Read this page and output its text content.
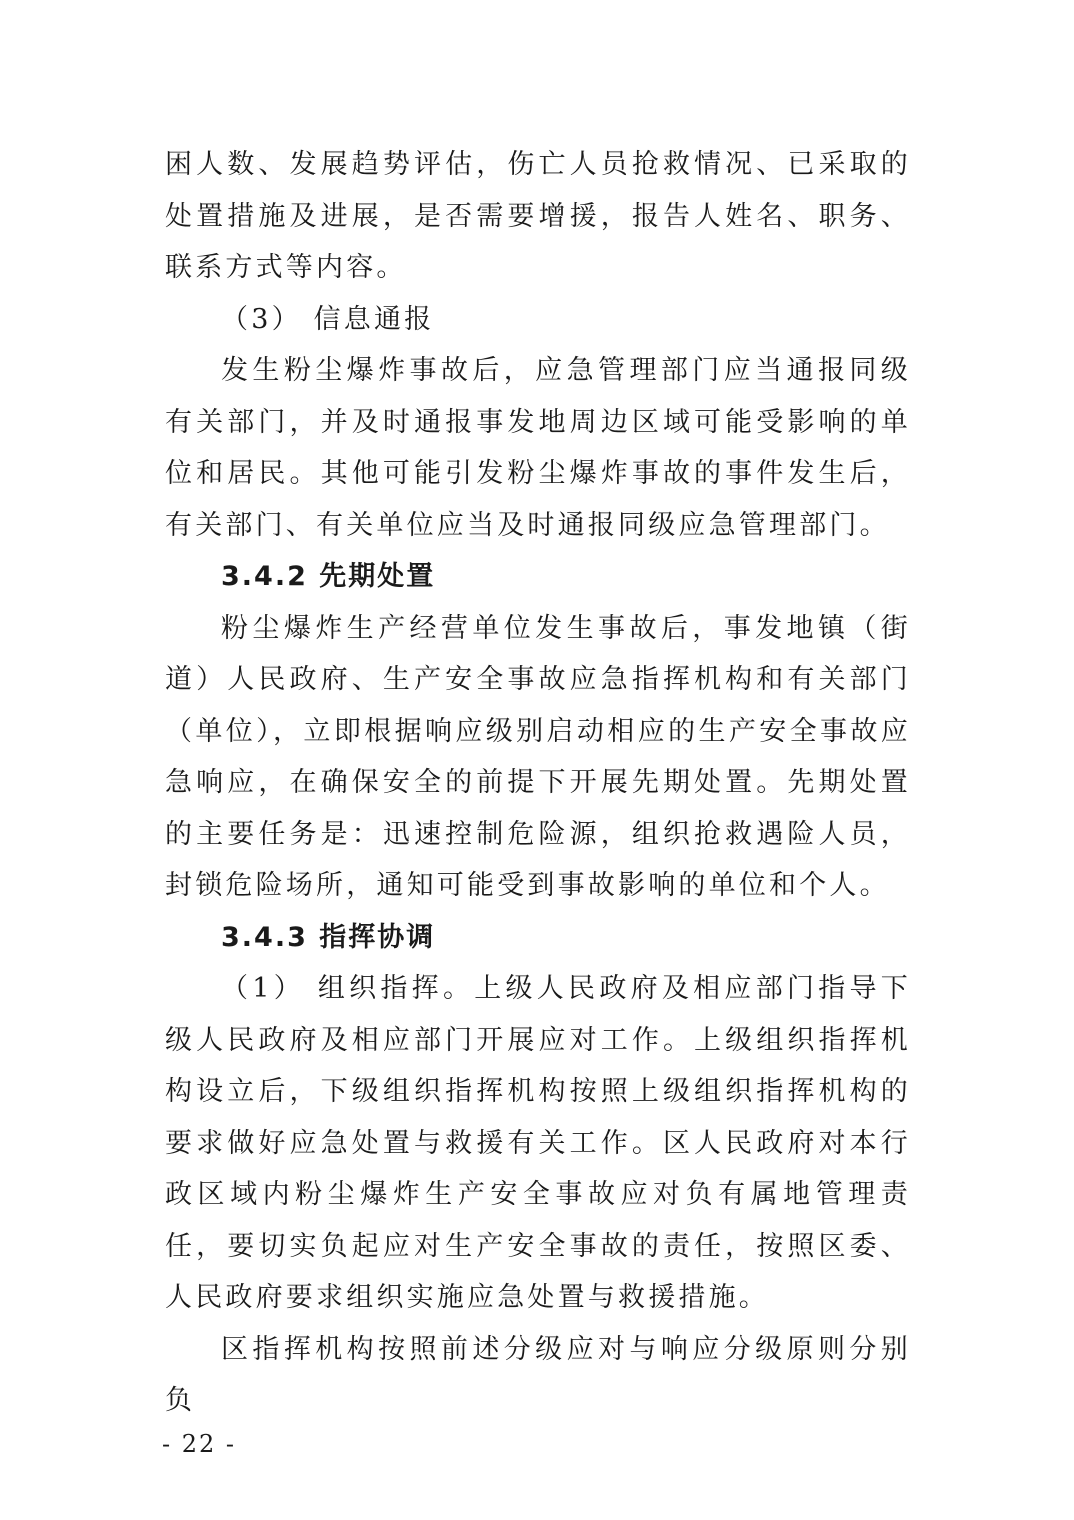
困人数、发展趋势评估，伤亡人员抢救情况、已采取的处置措施及进展，是否需要增援，报告人姓名、职务、联系方式等内容。

（3） 信息通报

发生粉尘爆炸事故后，应急管理部门应当通报同级有关部门，并及时通报事发地周边区域可能受影响的单位和居民。其他可能引发粉尘爆炸事故的事件发生后，有关部门、有关单位应当及时通报同级应急管理部门。

3.4.2 先期处置

粉尘爆炸生产经营单位发生事故后，事发地镇（街道）人民政府、生产安全事故应急指挥机构和有关部门（单位），立即根据响应级别启动相应的生产安全事故应急响应，在确保安全的前提下开展先期处置。先期处置的主要任务是：迅速控制危险源，组织抢救遇险人员，封锁危险场所，通知可能受到事故影响的单位和个人。

3.4.3 指挥协调

（1） 组织指挥。上级人民政府及相应部门指导下级人民政府及相应部门开展应对工作。上级组织指挥机构设立后，下级组织指挥机构按照上级组织指挥机构的要求做好应急处置与救援有关工作。区人民政府对本行政区域内粉尘爆炸生产安全事故应对负有属地管理责任，要切实负起应对生产安全事故的责任，按照区委、人民政府要求组织实施应急处置与救援措施。

区指挥机构按照前述分级应对与响应分级原则分别负

- 22 -
